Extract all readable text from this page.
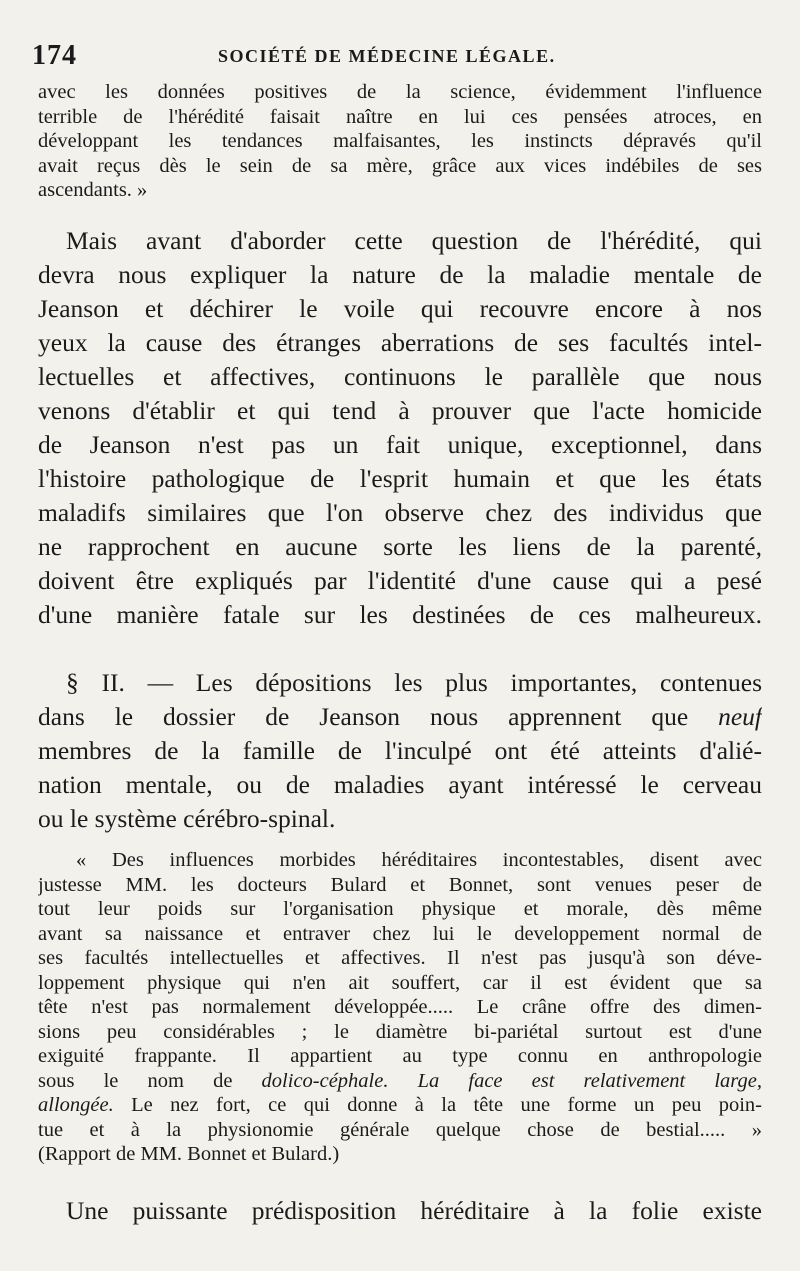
174	SOCIÉTÉ DE MÉDECINE LÉGALE.
avec les données positives de la science, évidemment l'influence
terrible de l'hérédité faisait naître en lui ces pensées atroces, en
développant les tendances malfaisantes, les instincts dépravés qu'il
avait reçus dès le sein de sa mère, grâce aux vices indébiles de ses
ascendants. »
Mais avant d'aborder cette question de l'hérédité, qui
devra nous expliquer la nature de la maladie mentale de
Jeanson et déchirer le voile qui recouvre encore à nos
yeux la cause des étranges aberrations de ses facultés intel-
lectuelles et affectives, continuons le parallèle que nous
venons d'établir et qui tend à prouver que l'acte homicide
de Jeanson n'est pas un fait unique, exceptionnel, dans
l'histoire pathologique de l'esprit humain et que les états
maladifs similaires que l'on observe chez des individus que
ne rapprochent en aucune sorte les liens de la parenté,
doivent être expliqués par l'identité d'une cause qui a pesé
d'une manière fatale sur les destinées de ces malheureux.
§ II. — Les dépositions les plus importantes, contenues
dans le dossier de Jeanson nous apprennent que neuf
membres de la famille de l'inculpé ont été atteints d'alié-
nation mentale, ou de maladies ayant intéressé le cerveau
ou le système cérébro-spinal.
« Des influences morbides héréditaires incontestables, disent avec
justesse MM. les docteurs Bulard et Bonnet, sont venues peser de
tout leur poids sur l'organisation physique et morale, dès même
avant sa naissance et entraver chez lui le developpement normal de
ses facultés intellectuelles et affectives. Il n'est pas jusqu'à son déve-
loppement physique qui n'en ait souffert, car il est évident que sa
tête n'est pas normalement développée..... Le crâne offre des dimen-
sions peu considérables ; le diamètre bi-pariétal surtout est d'une
exiguité frappante. Il appartient au type connu en anthropologie
sous le nom de dolico-céphale. La face est relativement large,
allongée. Le nez fort, ce qui donne à la tête une forme un peu poin-
tue et à la physionomie générale quelque chose de bestial..... »
(Rapport de MM. Bonnet et Bulard.)
Une puissante prédisposition héréditaire à la folie existe
